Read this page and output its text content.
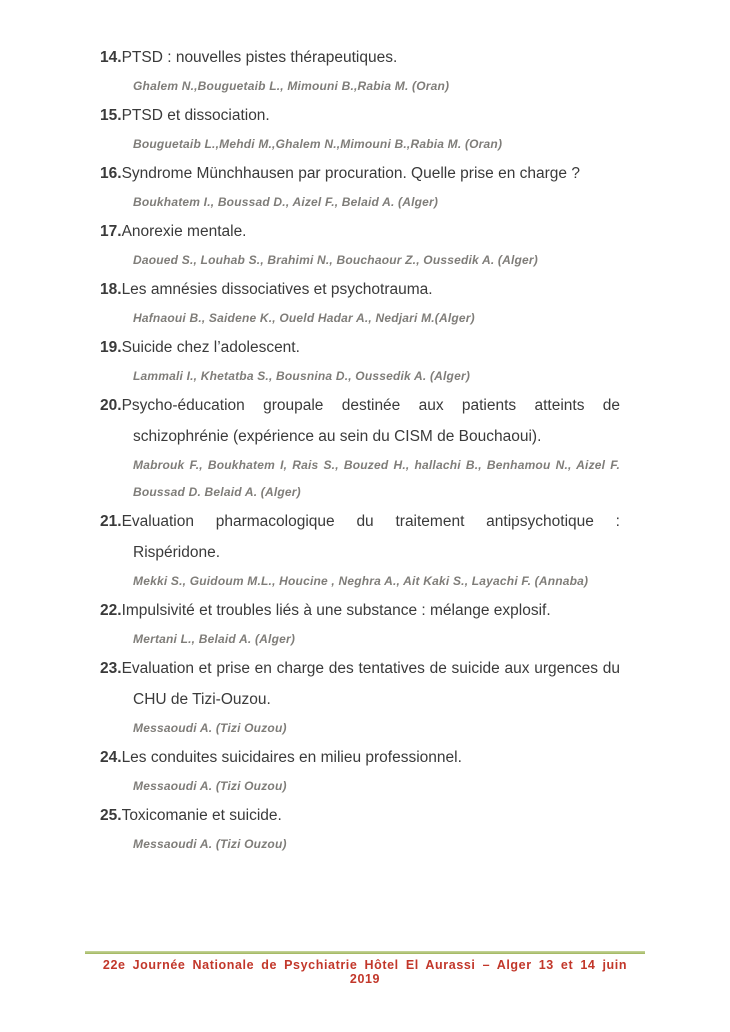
14.PTSD : nouvelles pistes thérapeutiques.

Ghalem N.,Bouguetaib L., Mimouni B.,Rabia M. (Oran)

15.PTSD et dissociation.

Bouguetaib L.,Mehdi M.,Ghalem N.,Mimouni B.,Rabia M. (Oran)

16.Syndrome Münchhausen par procuration. Quelle prise en charge ?

Boukhatem I., Boussad D., Aizel F., Belaid A. (Alger)

17.Anorexie mentale.

Daoued S., Louhab S., Brahimi N., Bouchaour Z., Oussedik A. (Alger)

18.Les amnésies dissociatives et psychotrauma.

Hafnaoui B., Saidene K., Oueld Hadar A., Nedjari M.(Alger)

19.Suicide chez l’adolescent.

Lammali I., Khetatba S., Bousnina D., Oussedik A. (Alger)

20.Psycho-éducation groupale destinée aux patients atteints de schizophrénie (expérience au sein du CISM de Bouchaoui).

Mabrouk F., Boukhatem I, Rais S., Bouzed H., hallachi B., Benhamou N., Aizel F. Boussad D. Belaid A. (Alger)

21.Evaluation pharmacologique du traitement antipsychotique : Rispéridone.

Mekki S., Guidoum M.L., Houcine , Neghra A., Ait Kaki S., Layachi F. (Annaba)

22.Impulsivité et troubles liés à une substance : mélange explosif.

Mertani L., Belaid A. (Alger)

23.Evaluation et prise en charge des tentatives de suicide aux urgences du CHU de Tizi-Ouzou.

Messaoudi A. (Tizi Ouzou)

24.Les conduites suicidaires en milieu professionnel.

Messaoudi A. (Tizi Ouzou)

25.Toxicomanie et suicide.

Messaoudi A. (Tizi Ouzou)

22e Journée Nationale de Psychiatrie Hôtel El Aurassi – Alger 13 et 14 juin 2019
